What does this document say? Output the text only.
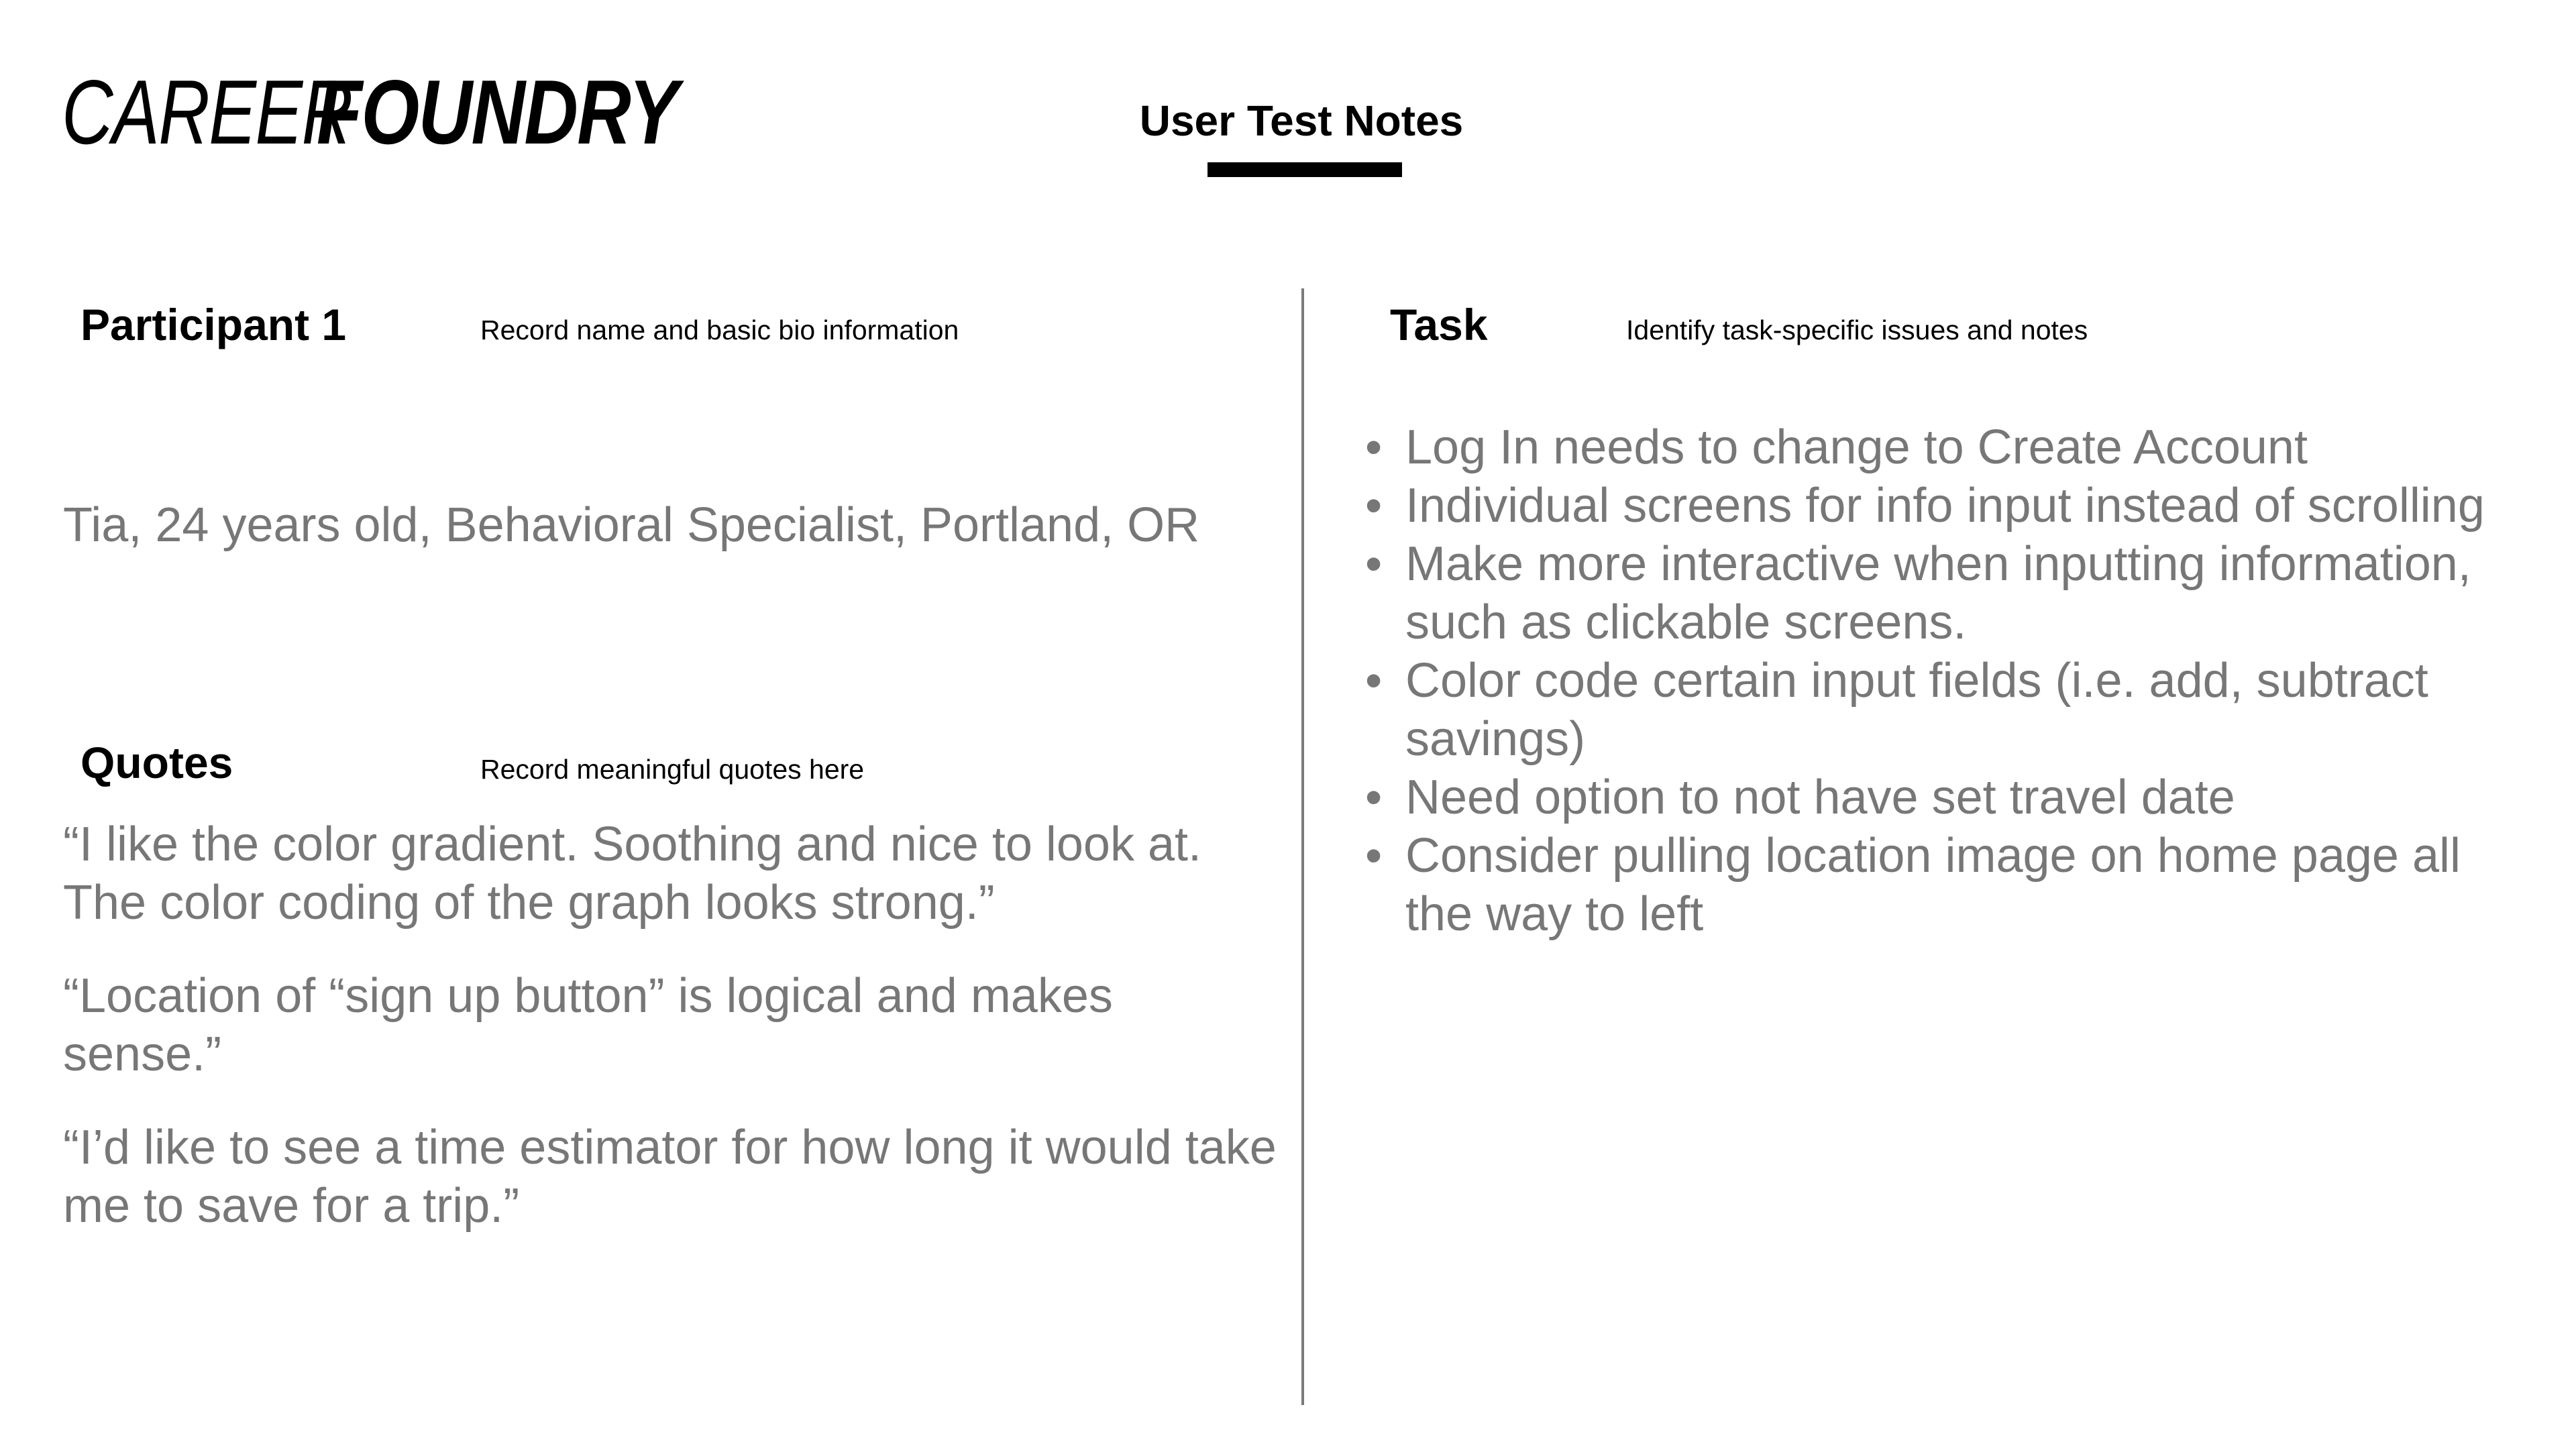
CAREER
FOUNDRY	User Test Notes
Participant 1	Record name and basic bio information
Tia, 24 years old, Behavioral Specialist, Portland, OR
Quotes	Record meaningful quotes here

“I like the color gradient. Soothing and nice to look at. The color coding of the graph looks strong.”

“Location of “sign up button” is logical and makes sense.”

“I’d like to see a time estimator for how long it would take me to save for a trip.”

Task	Identify task-specific issues and notes
• Log In needs to change to Create Account
• Individual screens for info input instead of scrolling
• Make more interactive when inputting information, such as clickable screens.
• Color code certain input fields (i.e. add, subtract savings)
• Need option to not have set travel date
• Consider pulling location image on home page all the way to left
